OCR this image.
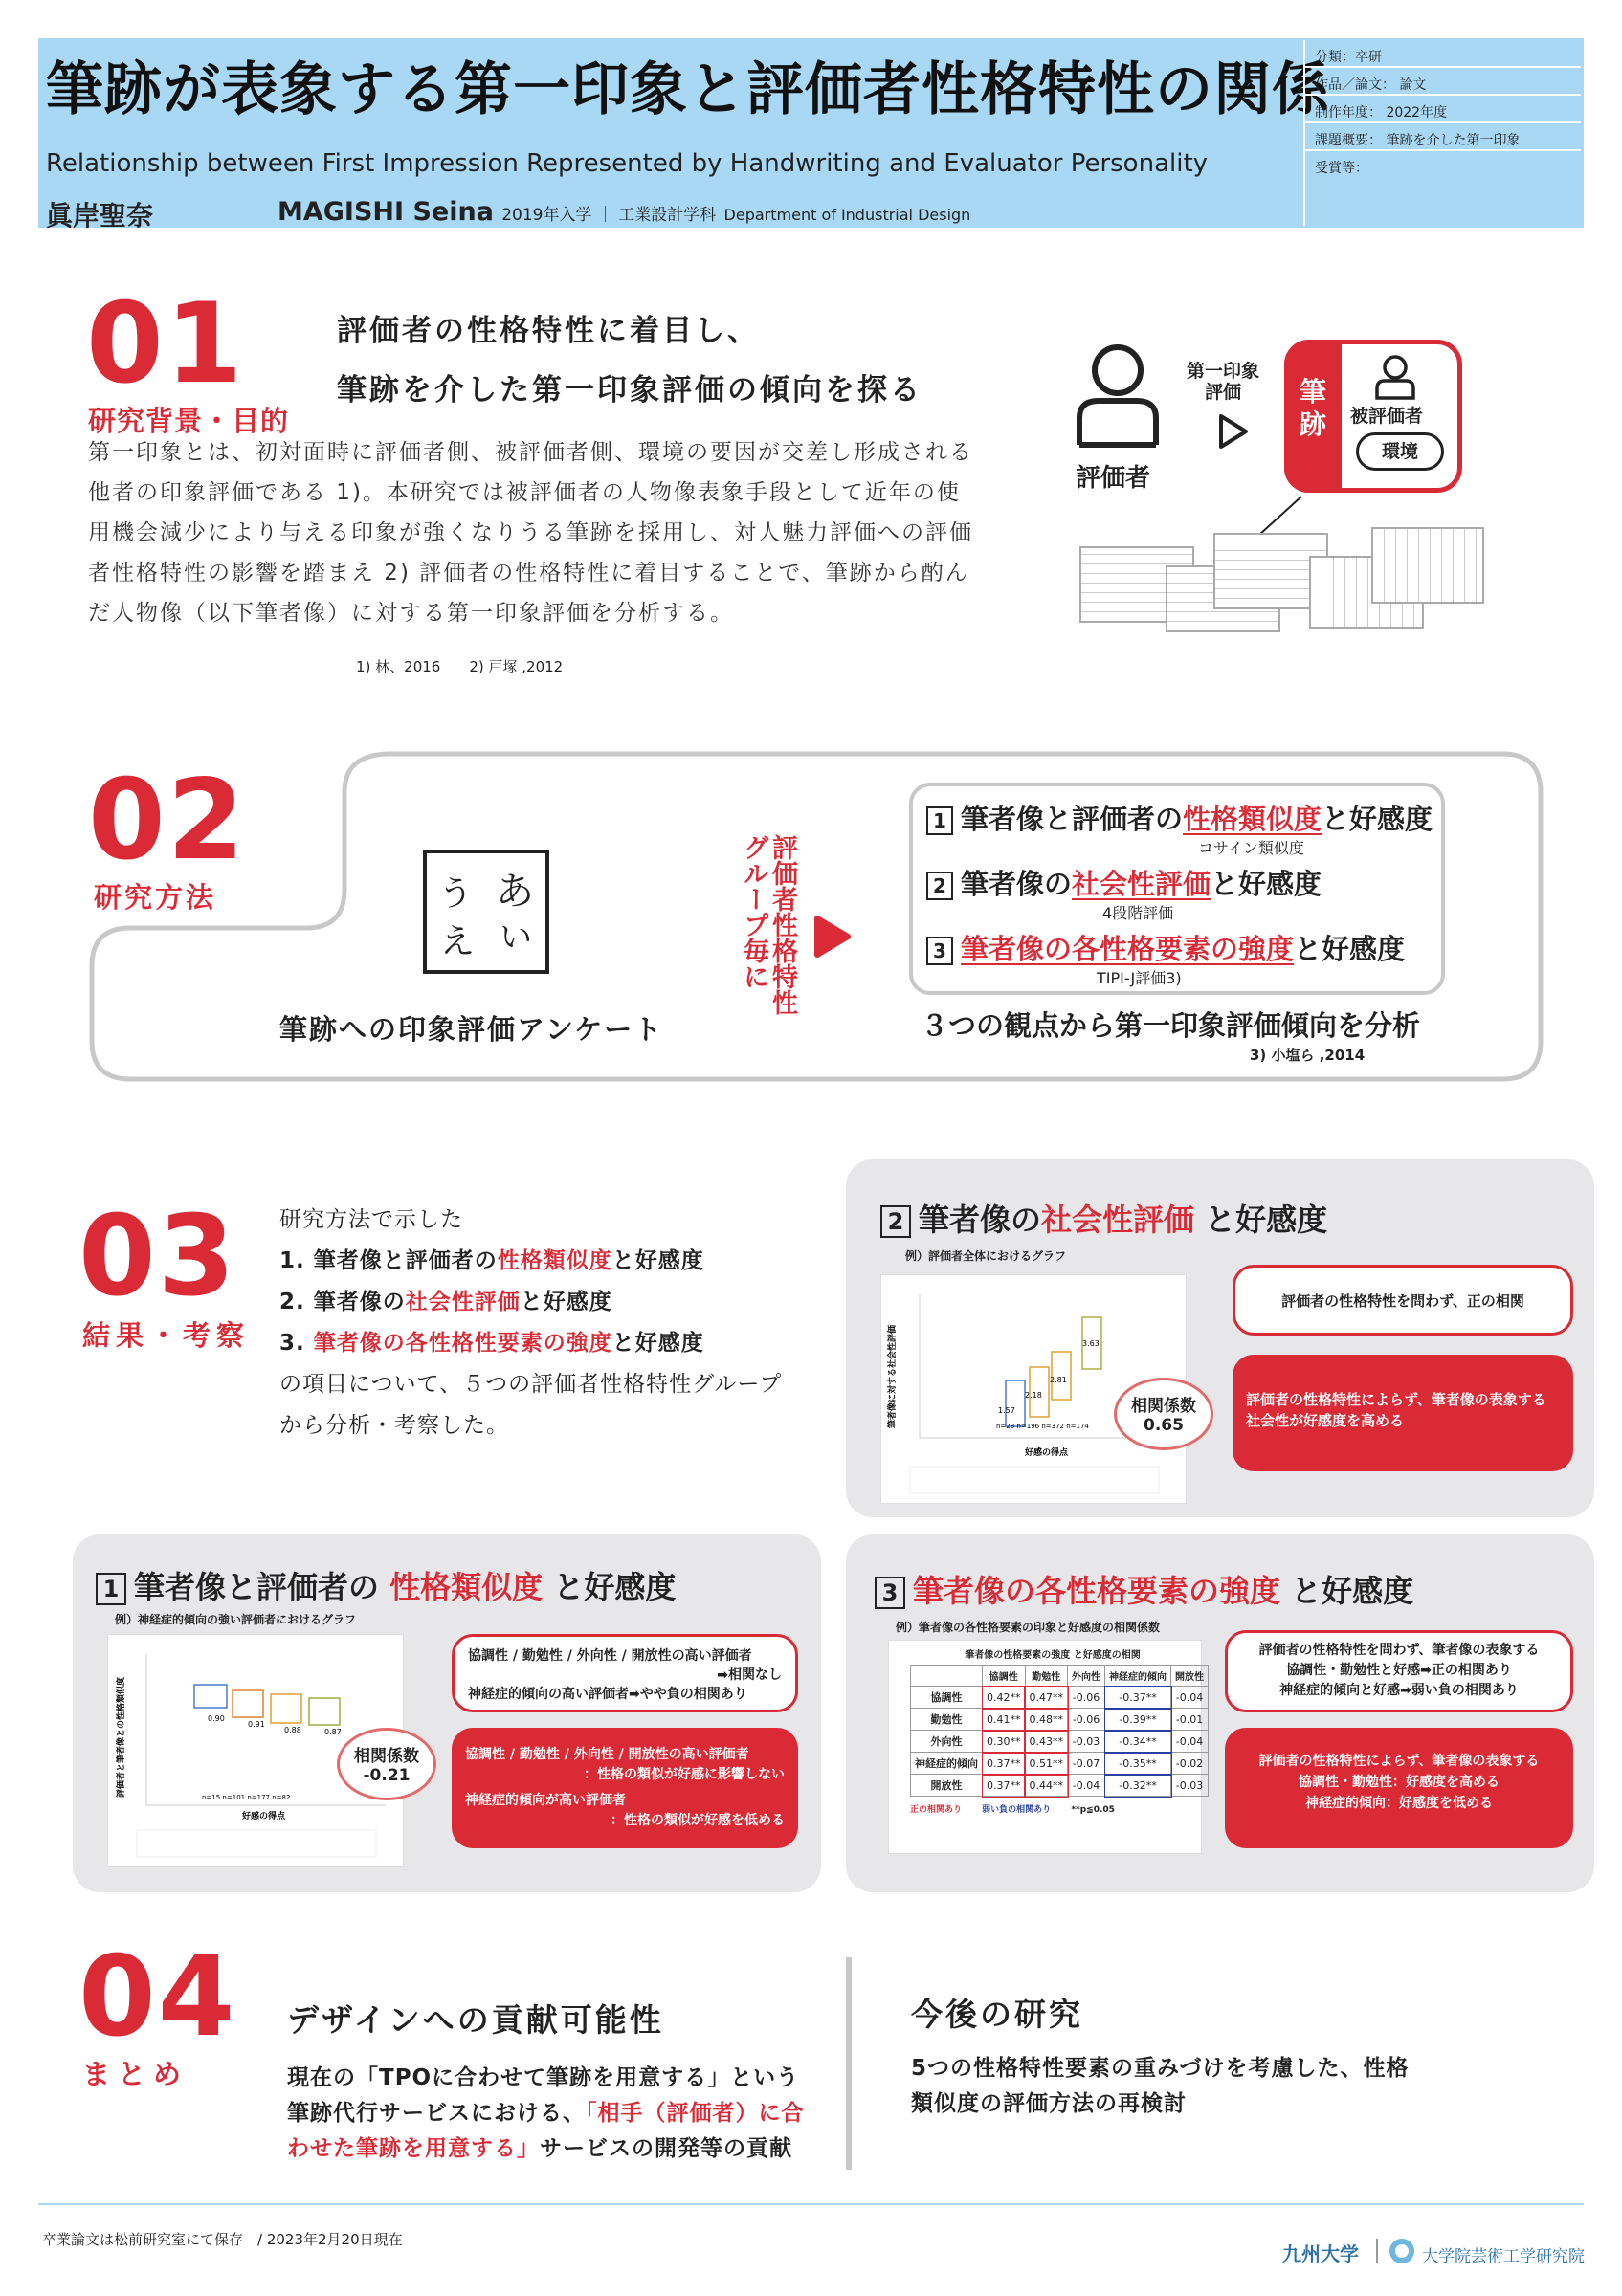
筆跡が表象する第一印象と評価者性格特性の関係
Relationship between First Impression Represented by Handwriting and Evaluator Personality
眞岸聖奈	MAGISHI Seina 2019年入学 ｜ 工業設計学科 Department of Industrial Design
分類：卒研
作品／論文： 論文
制作年度： 2022年度
課題概要： 筆跡を介した第一印象
受賞等：
01
研究背景・目的
評価者の性格特性に着目し、
筆跡を介した第一印象評価の傾向を探る
第一印象とは、初対面時に評価者側、被評価者側、環境の要因が交差し形成される他者の印象評価である 1)。本研究では被評価者の人物像表象手段として近年の使用機会減少により与える印象が強くなりうる筆跡を採用し、対人魅力評価への評価者性格特性の影響を踏まえ 2) 評価者の性格特性に着目することで、筆跡から酌んだ人物像（以下筆者像）に対する第一印象評価を分析する。
1) 林、2016　　2) 戸塚 ,2012
評価者
第一印象
評価	筆
跡	被評価者
環境
02
研究方法	あ
い
う
え
筆跡への印象評価アンケート
評価者性格特性グループ毎に
1 筆者像と評価者の性格類似度と好感度
コサイン類似度
2 筆者像の社会性評価と好感度
4段階評価
3 筆者像の各性格要素の強度と好感度
TIPI-J評価3)
３つの観点から第一印象評価傾向を分析
3) 小塩ら ,2014
03
結果・考察
研究方法で示した
1. 筆者像と評価者の性格類似度と好感度
2. 筆者像の社会性評価と好感度
3. 筆者像の各性格性要素の強度と好感度
の項目について、５つの評価者性格特性グループ
から分析・考察した。
2 筆者像の社会性評価 と好感度
例）評価者全体におけるグラフ
1.57
2.18
2.81
3.63
n=28 n=196 n=372 n=174
好感の得点
筆者像に対する社会性評価	相関係数
0.65
評価者の性格特性を問わず、正の相関
評価者の性格特性によらず、筆者像の表象する社会性が好感度を高める
1 筆者像と評価者の 性格類似度 と好感度
例）神経症的傾向の強い評価者におけるグラフ
0.90
0.91
0.88	0.87
n=15 n=101 n=177 n=82
好感の得点
評価者と筆者像との性格類似度	相関係数
-0.21
協調性 / 勤勉性 / 外向性 / 開放性の高い評価者
➡相関なし
神経症的傾向の高い評価者➡やや負の相関あり
協調性 / 勤勉性 / 外向性 / 開放性の高い評価者
：性格の類似が好感に影響しない
神経症的傾向が高い評価者
：性格の類似が好感を低める
3 筆者像の各性格要素の強度 と好感度
例）筆者像の各性格要素の印象と好感度の相関係数
筆者像の性格要素の強度 と好感度の相関
	協調性	勤勉性	外向性	神経症的傾向	開放性
協調性	0.42**	0.47**	-0.06	-0.37**	-0.04
勤勉性	0.41**	0.48**	-0.06	-0.39**	-0.01
外向性	0.30**	0.43**	-0.03	-0.34**	-0.04
神経症的傾向	0.37**	0.51**	-0.07	-0.35**	-0.02
開放性	0.37**	0.44**	-0.04	-0.32**	-0.03
正の相関あり　　 弱い負の相関あり　　 **p≦0.05
評価者の性格特性を問わず、筆者像の表象する
協調性・勤勉性と好感➡正の相関あり
神経症的傾向と好感➡弱い負の相関あり
評価者の性格特性によらず、筆者像の表象する
協調性・勤勉性：好感度を高める
神経症的傾向：好感度を低める
04
まとめ
デザインへの貢献可能性
現在の「TPOに合わせて筆跡を用意する」という
筆跡代行サービスにおける、「相手（評価者）に合
わせた筆跡を用意する」サービスの開発等の貢献
今後の研究
5つの性格特性要素の重みづけを考慮した、性格
類似度の評価方法の再検討
卒業論文は松前研究室にて保存　/ 2023年2月20日現在
九州大学	大学院芸術工学研究院
